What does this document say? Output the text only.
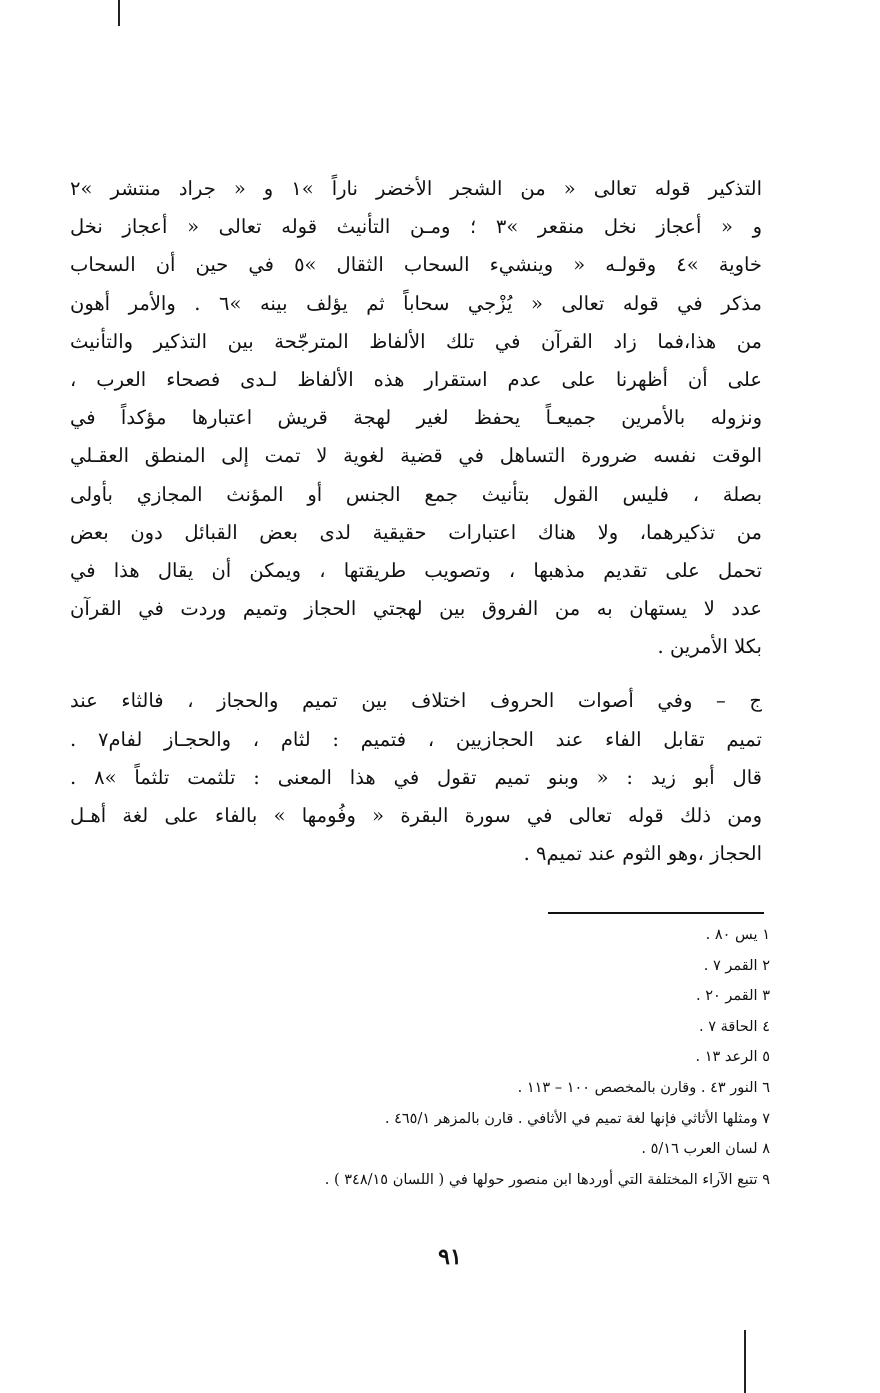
التذكير قوله تعالى « من الشجر الأخضر ناراً »١ و « جراد منتشر »٢
و « أعجاز نخل منقعر »٣ ؛ ومـن التأنيث قوله تعالى « أعجاز نخل
خاوية »٤ وقولـه « وينشيء السحاب الثقال »٥ في حين أن السحاب
مذكر في قوله تعالى « يُزْجي سحاباً ثم يؤلف بينه »٦ . والأمر أهون
من هذا،فما زاد القرآن في تلك الألفاظ المترجّحة بين التذكير والتأنيث
على أن أظهرنا على عدم استقرار هذه الألفاظ لـدى فصحاء العرب ،
ونزوله بالأمرين جميعـاً يحفظ لغير لهجة قريش اعتبارها مؤكداً في
الوقت نفسه ضرورة التساهل في قضية لغوية لا تمت إلى المنطق العقـلي
بصلة ، فليس القول بتأنيث جمع الجنس أو المؤنث المجازي بأولى
من تذكيرهما، ولا هناك اعتبارات حقيقية لدى بعض القبائل دون بعض
تحمل على تقديم مذهبها ، وتصويب طريقتها ، ويمكن أن يقال هذا في
عدد لا يستهان به من الفروق بين لهجتي الحجاز وتميم وردت في القرآن
بكلا الأمرين .
ج – وفي أصوات الحروف اختلاف بين تميم والحجاز ، فالثاء عند
تميم تقابل الفاء عند الحجازيين ، فتميم : لثام ، والحجـاز لفام٧ .
قال أبو زيد : « وبنو تميم تقول في هذا المعنى : تلثمت تلثماً »٨ .
ومن ذلك قوله تعالى في سورة البقرة « وفُومها » بالفاء على لغة أهـل
الحجاز ،وهو الثوم عند تميم٩ .
١ يس ٨٠ .
٢ القمر ٧ .
٣ القمر ٢٠ .
٤ الحاقة ٧ .
٥ الرعد ١٣ .
٦ النور ٤٣ . وقارن بالمخصص ١٠٠ – ١١٣ .
٧ ومثلها الأثاثي فإنها لغة تميم في الأثافي . قارن بالمزهر ٤٦٥/١ .
٨ لسان العرب ٥/١٦ .
٩ تتبع الآراء المختلفة التي أوردها ابن منصور حولها في ( اللسان ٣٤٨/١٥ ) .
٩١
